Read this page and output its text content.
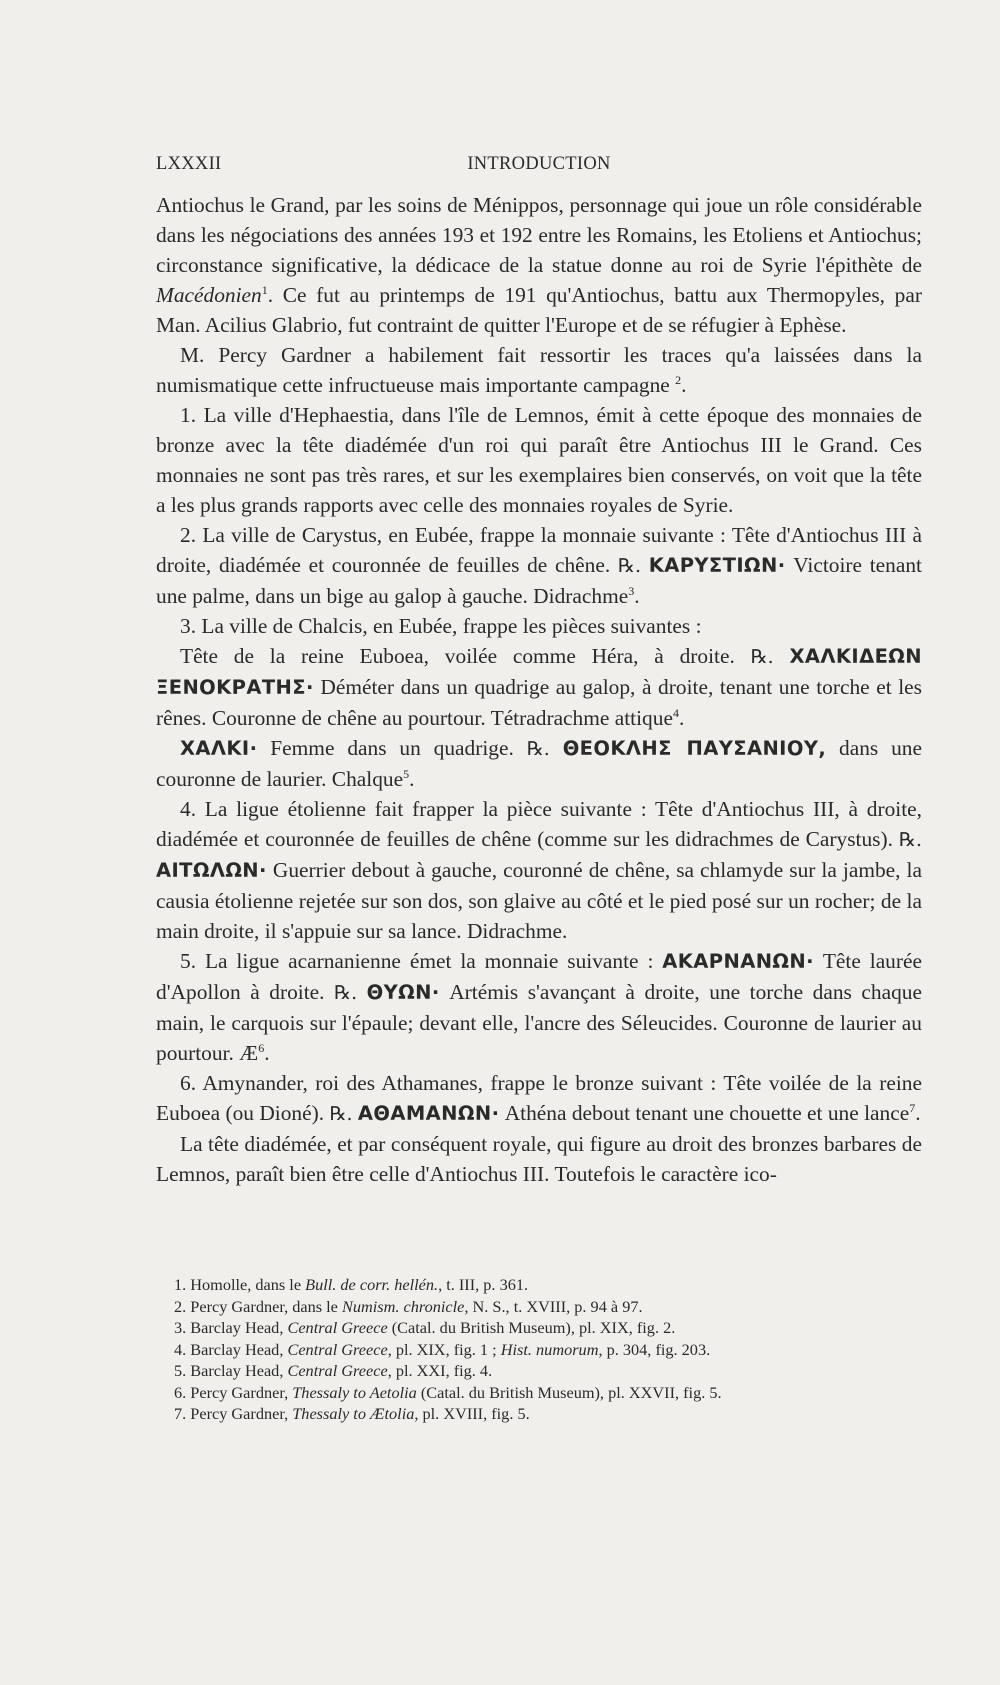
LXXXII	INTRODUCTION

Antiochus le Grand, par les soins de Ménippos, personnage qui joue un rôle considérable dans les négociations des années 193 et 192 entre les Romains, les Etoliens et Antiochus; circonstance significative, la dédicace de la statue donne au roi de Syrie l'épithète de Macédonien$^1$. Ce fut au printemps de 191 qu'Antiochus, battu aux Thermopyles, par Man. Acilius Glabrio, fut contraint de quitter l'Europe et de se réfugier à Ephèse.

M. Percy Gardner a habilement fait ressortir les traces qu'a laissées dans la numismatique cette infructueuse mais importante campagne $^2$.

1. La ville d'Hephaestia, dans l'île de Lemnos, émit à cette époque des monnaies de bronze avec la tête diadémée d'un roi qui paraît être Antiochus III le Grand. Ces monnaies ne sont pas très rares, et sur les exemplaires bien conservés, on voit que la tête a les plus grands rapports avec celle des monnaies royales de Syrie.

2. La ville de Carystus, en Eubée, frappe la monnaie suivante : Tête d'Antiochus III à droite, diadémée et couronnée de feuilles de chêne. ℞. ΚΑΡΥΣΤΙΩΝ· Victoire tenant une palme, dans un bige au galop à gauche. Didrachme$^3$.

3. La ville de Chalcis, en Eubée, frappe les pièces suivantes :

Tête de la reine Euboea, voilée comme Héra, à droite. ℞. ΧΑΛΚΙΔΕΩΝ ΞΕΝΟΚΡΑΤΗΣ· Déméter dans un quadrige au galop, à droite, tenant une torche et les rênes. Couronne de chêne au pourtour. Tétradrachme attique$^4$.

ΧΑΛΚΙ· Femme dans un quadrige. ℞. ΘΕΟΚΛΗΣ ΠΑΥΣΑΝΙΟΥ, dans une couronne de laurier. Chalque$^5$.

4. La ligue étolienne fait frapper la pièce suivante : Tête d'Antiochus III, à droite, diadémée et couronnée de feuilles de chêne (comme sur les didrachmes de Carystus). ℞. ΑΙΤΩΛΩΝ· Guerrier debout à gauche, couronné de chêne, sa chlamyde sur la jambe, la causia étolienne rejetée sur son dos, son glaive au côté et le pied posé sur un rocher; de la main droite, il s'appuie sur sa lance. Didrachme.

5. La ligue acarnanienne émet la monnaie suivante : ΑΚΑΡΝΑΝΩΝ· Tête laurée d'Apollon à droite. ℞. ΘΥΩΝ· Artémis s'avançant à droite, une torche dans chaque main, le carquois sur l'épaule; devant elle, l'ancre des Séleucides. Couronne de laurier au pourtour. $Æ^6$.

6. Amynander, roi des Athamanes, frappe le bronze suivant : Tête voilée de la reine Euboea (ou Dioné). ℞. ΑΘΑΜΑΝΩΝ· Athéna debout tenant une chouette et une lance$^7$.

La tête diadémée, et par conséquent royale, qui figure au droit des bronzes barbares de Lemnos, paraît bien être celle d'Antiochus III. Toutefois le caractère ico-

1. Homolle, dans le Bull. de corr. hellén., t. III, p. 361.
2. Percy Gardner, dans le Numism. chronicle, N. S., t. XVIII, p. 94 à 97.
3. Barclay Head, Central Greece (Catal. du British Museum), pl. XIX, fig. 2.
4. Barclay Head, Central Greece, pl. XIX, fig. 1 ; Hist. numorum, p. 304, fig. 203.
5. Barclay Head, Central Greece, pl. XXI, fig. 4.
6. Percy Gardner, Thessaly to Aetolia (Catal. du British Museum), pl. XXVII, fig. 5.
7. Percy Gardner, Thessaly to Ætolia, pl. XVIII, fig. 5.
